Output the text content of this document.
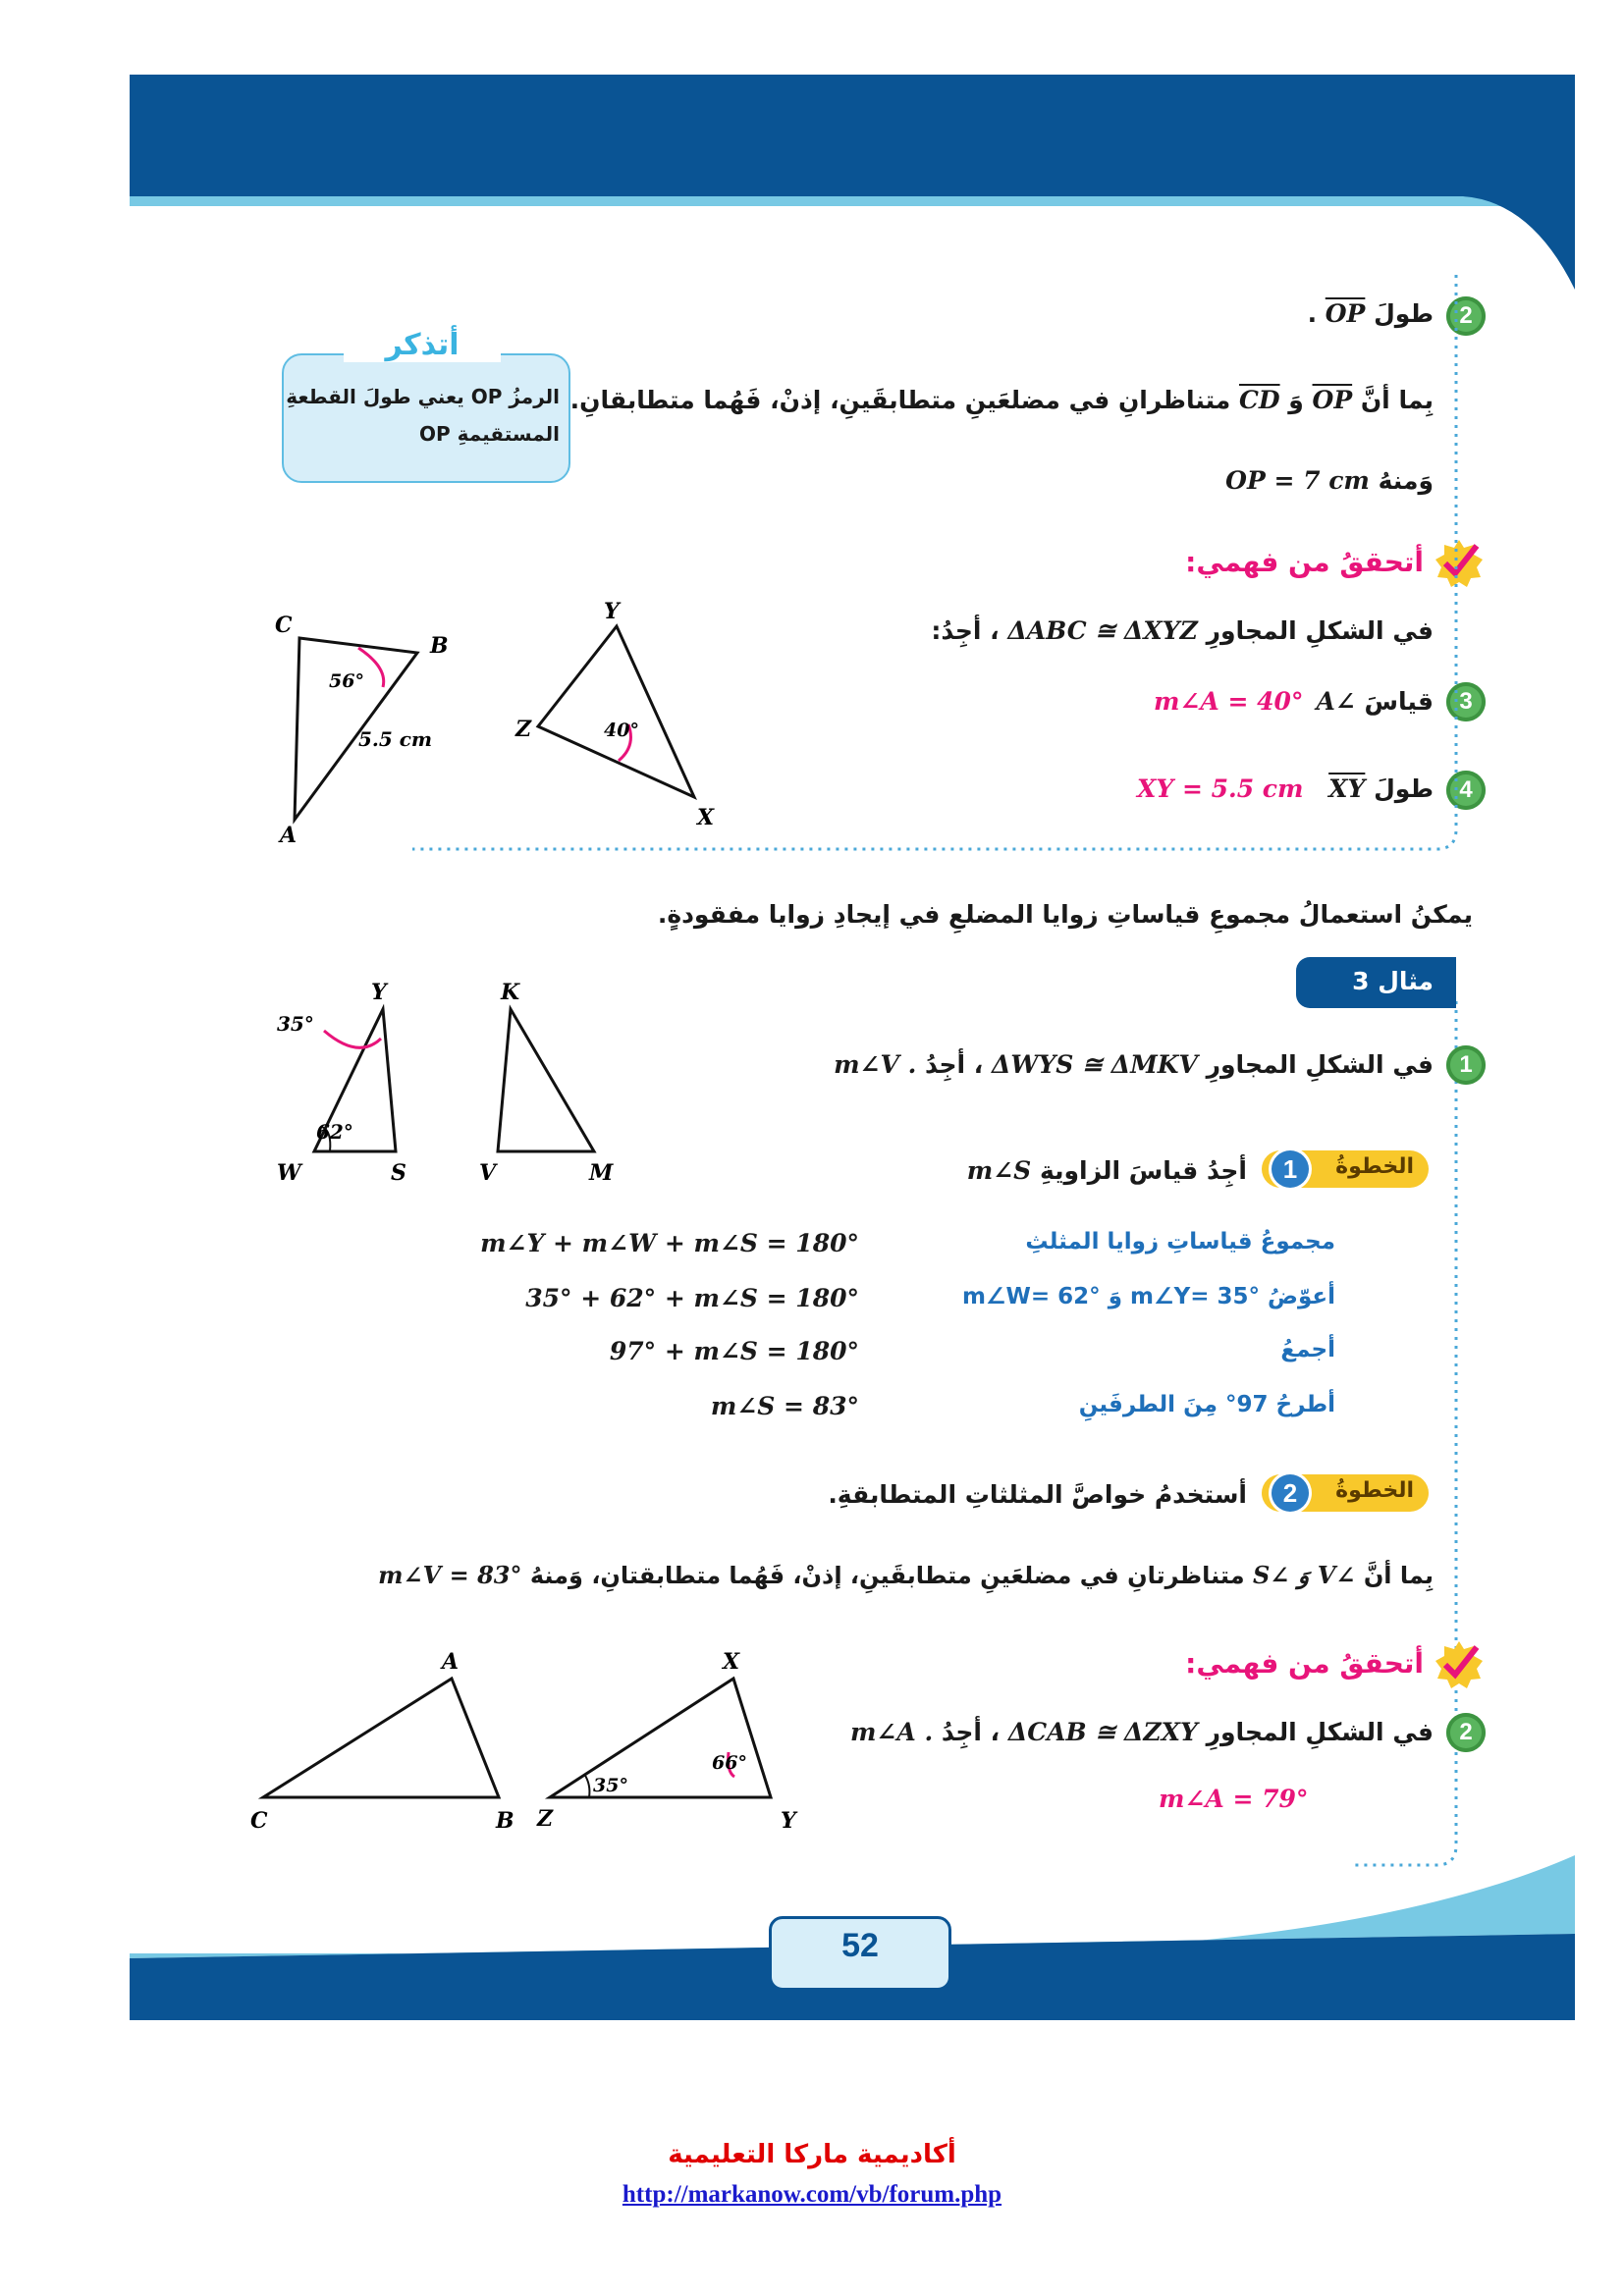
أتذكر
الرمزُ OP يعني طولَ القطعةِ
المستقيمةِ OP
2
طولَ OP .
بِما أنَّ OP وَ CD متناظرانِ في مضلعَينِ متطابقَينِ، إذنْ، فَهُما متطابقانِ.
وَمنهُ OP = 7 cm
أتحققُ من فهمي:
في الشكلِ المجاورِ ΔABC ≅ ΔXYZ ، أجِدُ:
3
قياسَ ∠A
m∠A = 40°
4
طولَ XY
XY = 5.5 cm
C
B
A
56°
5.5 cm
Y
Z
X
40°
يمكنُ استعمالُ مجموعِ قياساتِ زوايا المضلعِ في إيجادِ زوايا مفقودةٍ.
مثال 3
1
في الشكلِ المجاورِ ΔWYS ≅ ΔMKV ، أجِدُ m∠V .
Y	K
35°
62°
W	S	V	M	الخطوةُ
1
أجِدُ قياسَ الزاويةِ m∠S
m∠Y + m∠W + m∠S = 180°	مجموعُ قياساتِ زوايا المثلثِ
35° + 62° + m∠S = 180°	أعوّضُ m∠Y= 35° وَ m∠W= 62°
97° + m∠S = 180°	أجمعُ
m∠S = 83°	أطرحُ 97° مِنَ الطرفَينِ
الخطوةُ
2
أستخدمُ خواصَّ المثلثاتِ المتطابقةِ.
بِما أنَّ ∠V وَ ∠S متناظرتانِ في مضلعَينِ متطابقَينِ، إذنْ، فَهُما متطابقتانِ، وَمنهُ m∠V = 83°
أتحققُ من فهمي:
2
في الشكلِ المجاورِ ΔCAB ≅ ΔZXY ، أجِدُ m∠A .
m∠A = 79°
A
C	B
X
Z	Y
35°
66°
52
أكاديمية ماركا التعليمية
http://markanow.com/vb/forum.php
